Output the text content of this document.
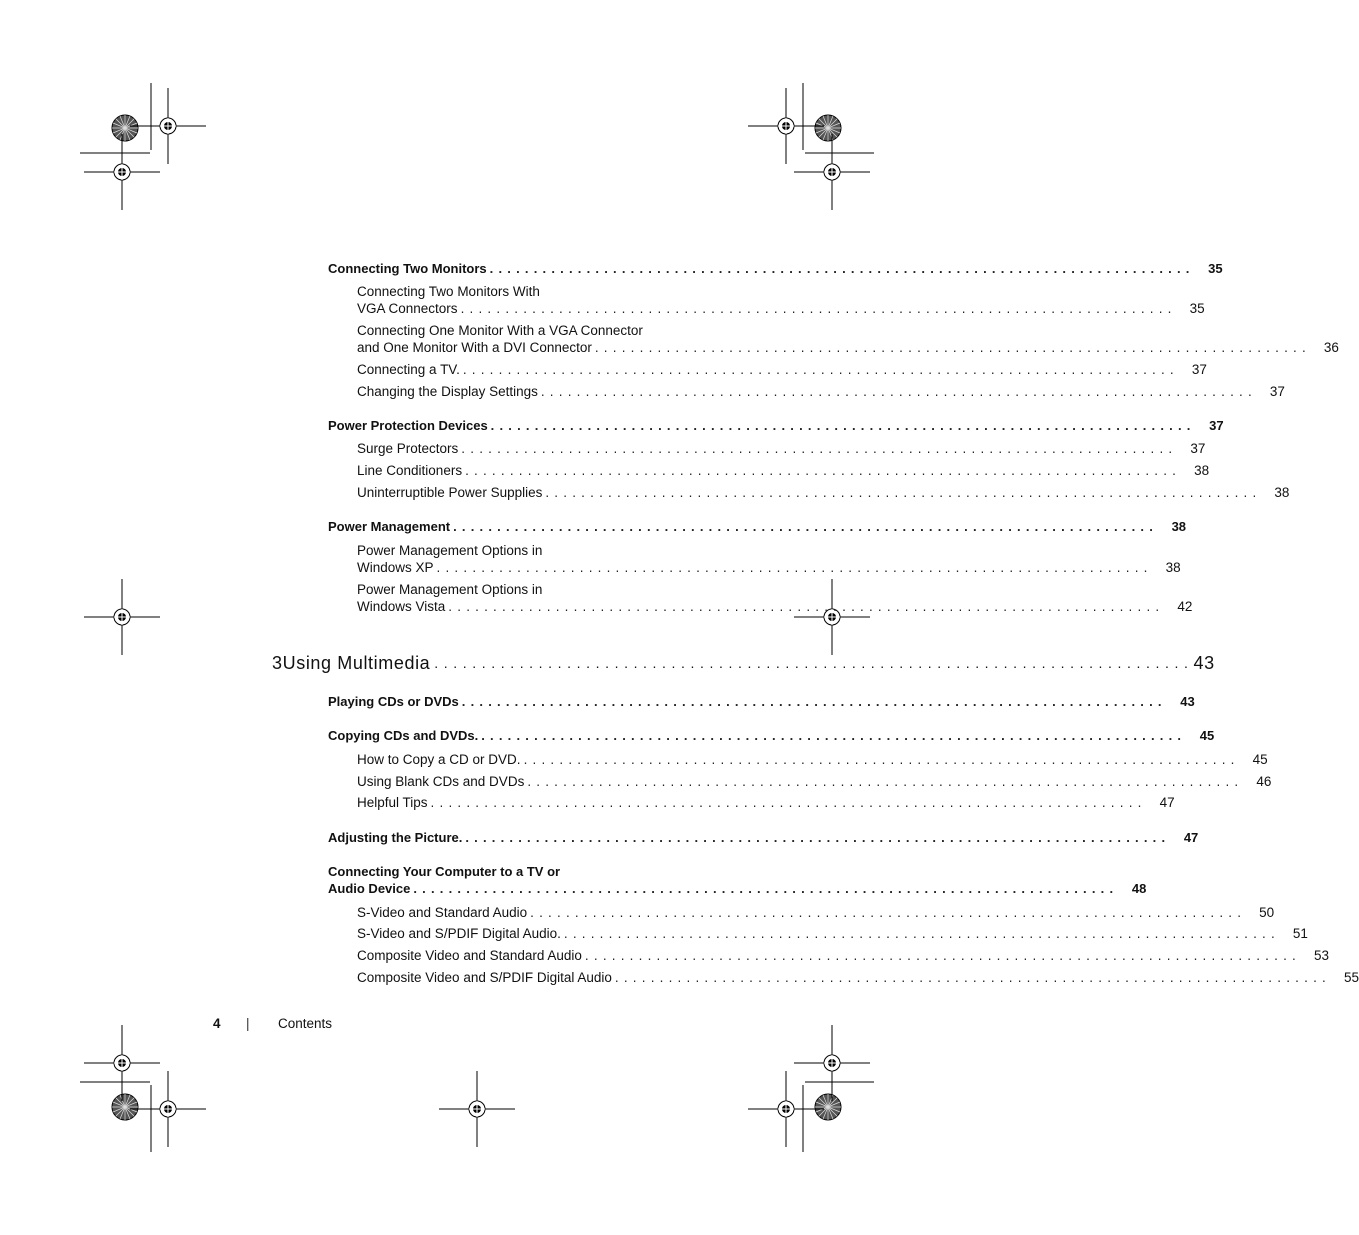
Connecting Two Monitors ................................................................................	35
Connecting Two Monitors With
VGA Connectors ................................................................................ 35
Connecting One Monitor With a VGA Connector
and One Monitor With a DVI Connector ................................................................................ 36
Connecting a TV. ................................................................................ 37
Changing the Display Settings ................................................................................ 37
Power Protection Devices ................................................................................	37
Surge Protectors ................................................................................ 37
Line Conditioners ................................................................................ 38
Uninterruptible Power Supplies ................................................................................ 38
Power Management ................................................................................	38
Power Management Options in
Windows XP ................................................................................ 38
Power Management Options in
Windows Vista ................................................................................ 42
3 Using Multimedia ................................................................................ 43
Playing CDs or DVDs ................................................................................	43
Copying CDs and DVDs. ................................................................................	45
How to Copy a CD or DVD. ................................................................................ 45
Using Blank CDs and DVDs ................................................................................ 46
Helpful Tips ................................................................................ 47
Adjusting the Picture. ................................................................................	47
Connecting Your Computer to a TV or
Audio Device ................................................................................	48
S-Video and Standard Audio ................................................................................ 50
S-Video and S/PDIF Digital Audio. ................................................................................ 51
Composite Video and Standard Audio ................................................................................ 53
Composite Video and S/PDIF Digital Audio ................................................................................ 55
4 | Contents
